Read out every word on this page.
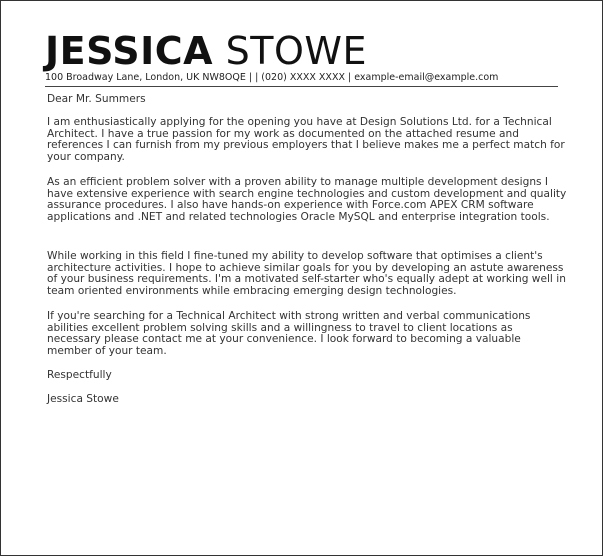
JESSICA STOWE
100 Broadway Lane, London, UK NW8OQE | | (020) XXXX XXXX | example-email@example.com
Dear Mr. Summers
I am enthusiastically applying for the opening you have at Design Solutions Ltd. for a Technical Architect. I have a true passion for my work as documented on the attached resume and references I can furnish from my previous employers that I believe makes me a perfect match for your company.
As an efficient problem solver with a proven ability to manage multiple development designs I have extensive experience with search engine technologies and custom development and quality assurance procedures. I also have hands-on experience with Force.com APEX CRM software applications and .NET and related technologies Oracle MySQL and enterprise integration tools.
While working in this field I fine-tuned my ability to develop software that optimises a client's architecture activities. I hope to achieve similar goals for you by developing an astute awareness of your business requirements. I'm a motivated self-starter who's equally adept at working well in team oriented environments while embracing emerging design technologies.
If you're searching for a Technical Architect with strong written and verbal communications abilities excellent problem solving skills and a willingness to travel to client locations as necessary please contact me at your convenience. I look forward to becoming a valuable member of your team.
Respectfully
Jessica Stowe
